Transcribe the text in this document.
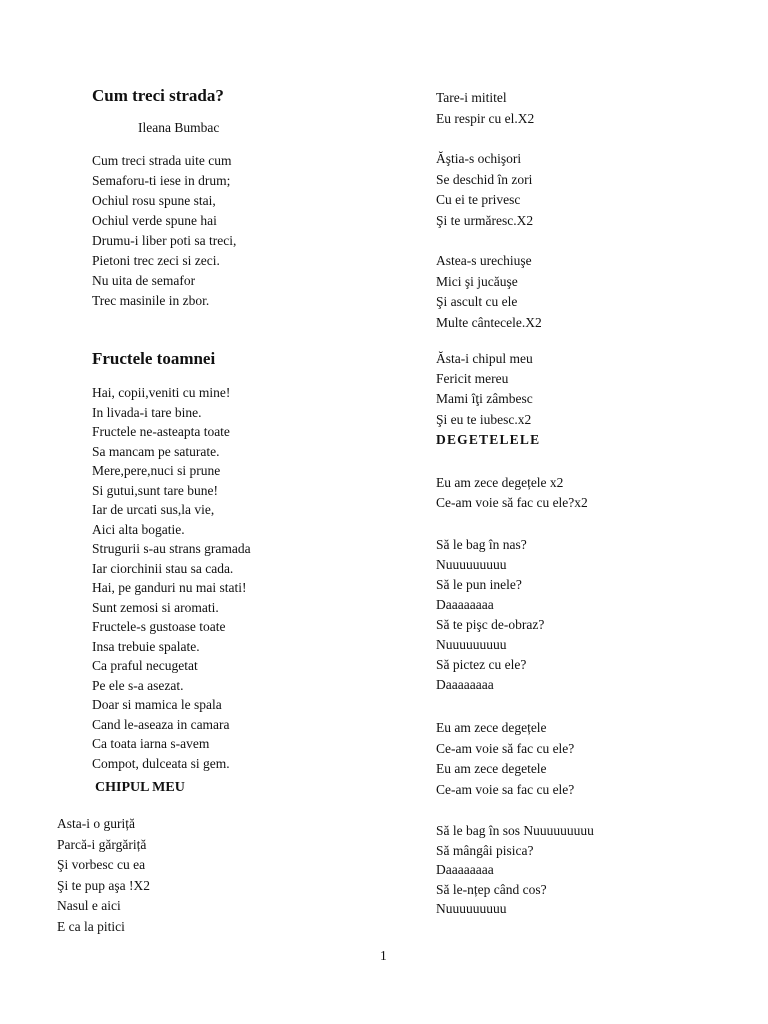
Cum treci strada?
Ileana Bumbac
Cum treci strada uite cum
Semaforu-ti iese in drum;
Ochiul rosu spune stai,
Ochiul verde spune hai
Drumu-i liber poti sa treci,
Pietoni trec zeci si zeci.
Nu uita de semafor
Trec masinile in zbor.
Fructele toamnei
Hai, copii,veniti cu mine!
In livada-i tare bine.
Fructele ne-asteapta toate
Sa mancam pe saturate.
Mere,pere,nuci si prune
Si gutui,sunt tare bune!
Iar de urcati sus,la vie,
Aici alta bogatie.
Strugurii s-au strans gramada
Iar ciorchinii stau sa cada.
Hai, pe ganduri nu mai stati!
Sunt zemosi si aromati.
Fructele-s gustoase toate
Insa trebuie spalate.
Ca praful necugetat
Pe ele s-a asezat.
Doar si mamica le spala
Cand le-aseaza in camara
Ca toata iarna s-avem
Compot, dulceata si gem.
CHIPUL MEU
Asta-i o guriță
Parcă-i gărgăriță
Şi vorbesc cu ea
Şi te pup aşa !X2
Nasul e aici
E ca la pitici
Tare-i mititel
Eu respir cu el.X2
Ăştia-s ochişori
Se deschid în zori
Cu ei te privesc
Şi te urmăresc.X2
Astea-s urechiuşe
Mici şi jucăuşe
Şi ascult cu ele
Multe cântecele.X2
Ăsta-i chipul meu
Fericit mereu
Mami îţi zâmbesc
Şi eu te iubesc.x2
DEGETELELE
Eu am zece degețele x2
Ce-am voie să fac cu ele?x2
Să le bag în nas?
Nuuuuuuuuu
Să le pun inele?
Daaaaaaaa
Să te pişc de-obraz?
Nuuuuuuuuu
Să pictez cu ele?
Daaaaaaaa
Eu am zece degețele
Ce-am voie să fac cu ele?
Eu am zece degetele
Ce-am voie sa fac cu ele?
Să le bag în sos Nuuuuuuuuu
Să mângâi pisica?
Daaaaaaaa
Să le-nțep când cos?
Nuuuuuuuuu
1
